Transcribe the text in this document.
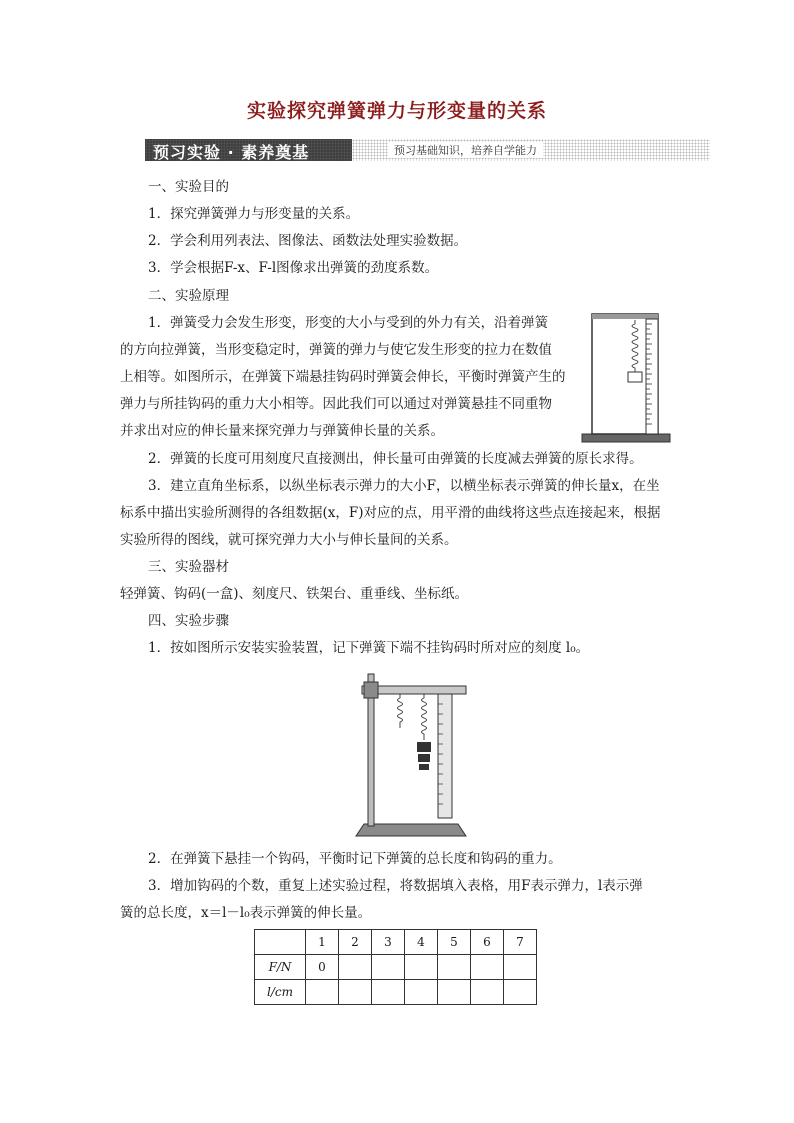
实验探究弹簧弹力与形变量的关系
预习实验 · 素养奠基	预习基础知识，培养自学能力
一、实验目的
1．探究弹簧弹力与形变量的关系。
2．学会利用列表法、图像法、函数法处理实验数据。
3．学会根据F-x、F-l图像求出弹簧的劲度系数。
二、实验原理
1．弹簧受力会发生形变，形变的大小与受到的外力有关，沿着弹簧
的方向拉弹簧，当形变稳定时，弹簧的弹力与使它发生形变的拉力在数值
上相等。如图所示，在弹簧下端悬挂钩码时弹簧会伸长，平衡时弹簧产生的
弹力与所挂钩码的重力大小相等。因此我们可以通过对弹簧悬挂不同重物
并求出对应的伸长量来探究弹力与弹簧伸长量的关系。
2．弹簧的长度可用刻度尺直接测出，伸长量可由弹簧的长度减去弹簧的原长求得。
3．建立直角坐标系，以纵坐标表示弹力的大小F，以横坐标表示弹簧的伸长量x，在坐
标系中描出实验所测得的各组数据(x，F)对应的点，用平滑的曲线将这些点连接起来，根据
实验所得的图线，就可探究弹力大小与伸长量间的关系。
三、实验器材
轻弹簧、钩码(一盒)、刻度尺、铁架台、重垂线、坐标纸。
四、实验步骤
1．按如图所示安装实验装置，记下弹簧下端不挂钩码时所对应的刻度 l₀。
2．在弹簧下悬挂一个钩码，平衡时记下弹簧的总长度和钩码的重力。
3．增加钩码的个数，重复上述实验过程，将数据填入表格，用F表示弹力，l表示弹
簧的总长度，x＝l－l₀表示弹簧的伸长量。
	1	2	3	4	5	6	7
F/N	0						
l/cm							
